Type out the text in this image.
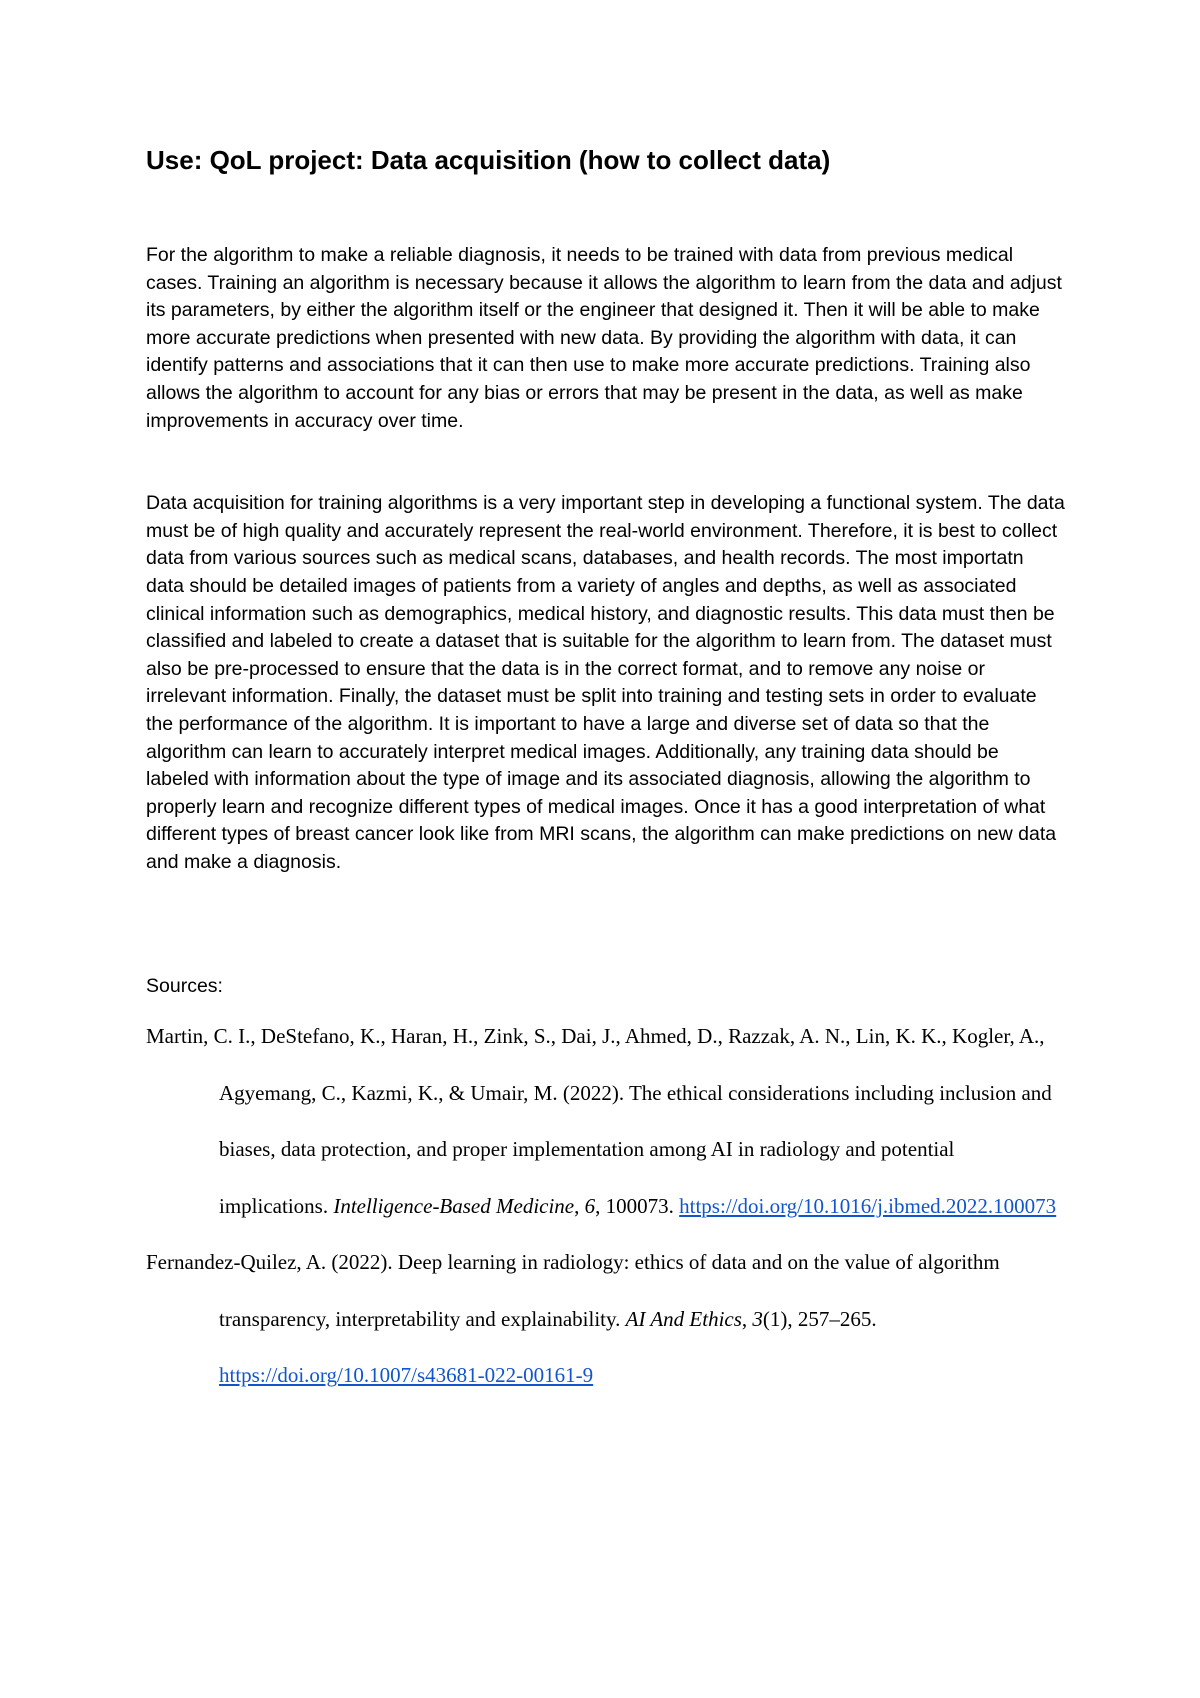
Use: QoL project: Data acquisition (how to collect data)

For the algorithm to make a reliable diagnosis, it needs to be trained with data from previous medical cases. Training an algorithm is necessary because it allows the algorithm to learn from the data and adjust its parameters, by either the algorithm itself or the engineer that designed it. Then it will be able to make more accurate predictions when presented with new data. By providing the algorithm with data, it can identify patterns and associations that it can then use to make more accurate predictions. Training also allows the algorithm to account for any bias or errors that may be present in the data, as well as make improvements in accuracy over time.

Data acquisition for training algorithms is a very important step in developing a functional system. The data must be of high quality and accurately represent the real-world environment. Therefore, it is best to collect data from various sources such as medical scans, databases, and health records. The most importatn data should be detailed images of patients from a variety of angles and depths, as well as associated clinical information such as demographics, medical history, and diagnostic results. This data must then be classified and labeled to create a dataset that is suitable for the algorithm to learn from. The dataset must also be pre-processed to ensure that the data is in the correct format, and to remove any noise or irrelevant information. Finally, the dataset must be split into training and testing sets in order to evaluate the performance of the algorithm. It is important to have a large and diverse set of data so that the algorithm can learn to accurately interpret medical images. Additionally, any training data should be labeled with information about the type of image and its associated diagnosis, allowing the algorithm to properly learn and recognize different types of medical images. Once it has a good interpretation of what different types of breast cancer look like from MRI scans, the algorithm can make predictions on new data and make a diagnosis.

Sources:

Martin, C. I., DeStefano, K., Haran, H., Zink, S., Dai, J., Ahmed, D., Razzak, A. N., Lin, K. K., Kogler, A., Agyemang, C., Kazmi, K., & Umair, M. (2022). The ethical considerations including inclusion and biases, data protection, and proper implementation among AI in radiology and potential implications. Intelligence-Based Medicine, 6, 100073. https://doi.org/10.1016/j.ibmed.2022.100073

Fernandez-Quilez, A. (2022). Deep learning in radiology: ethics of data and on the value of algorithm transparency, interpretability and explainability. AI And Ethics, 3(1), 257–265. https://doi.org/10.1007/s43681-022-00161-9
